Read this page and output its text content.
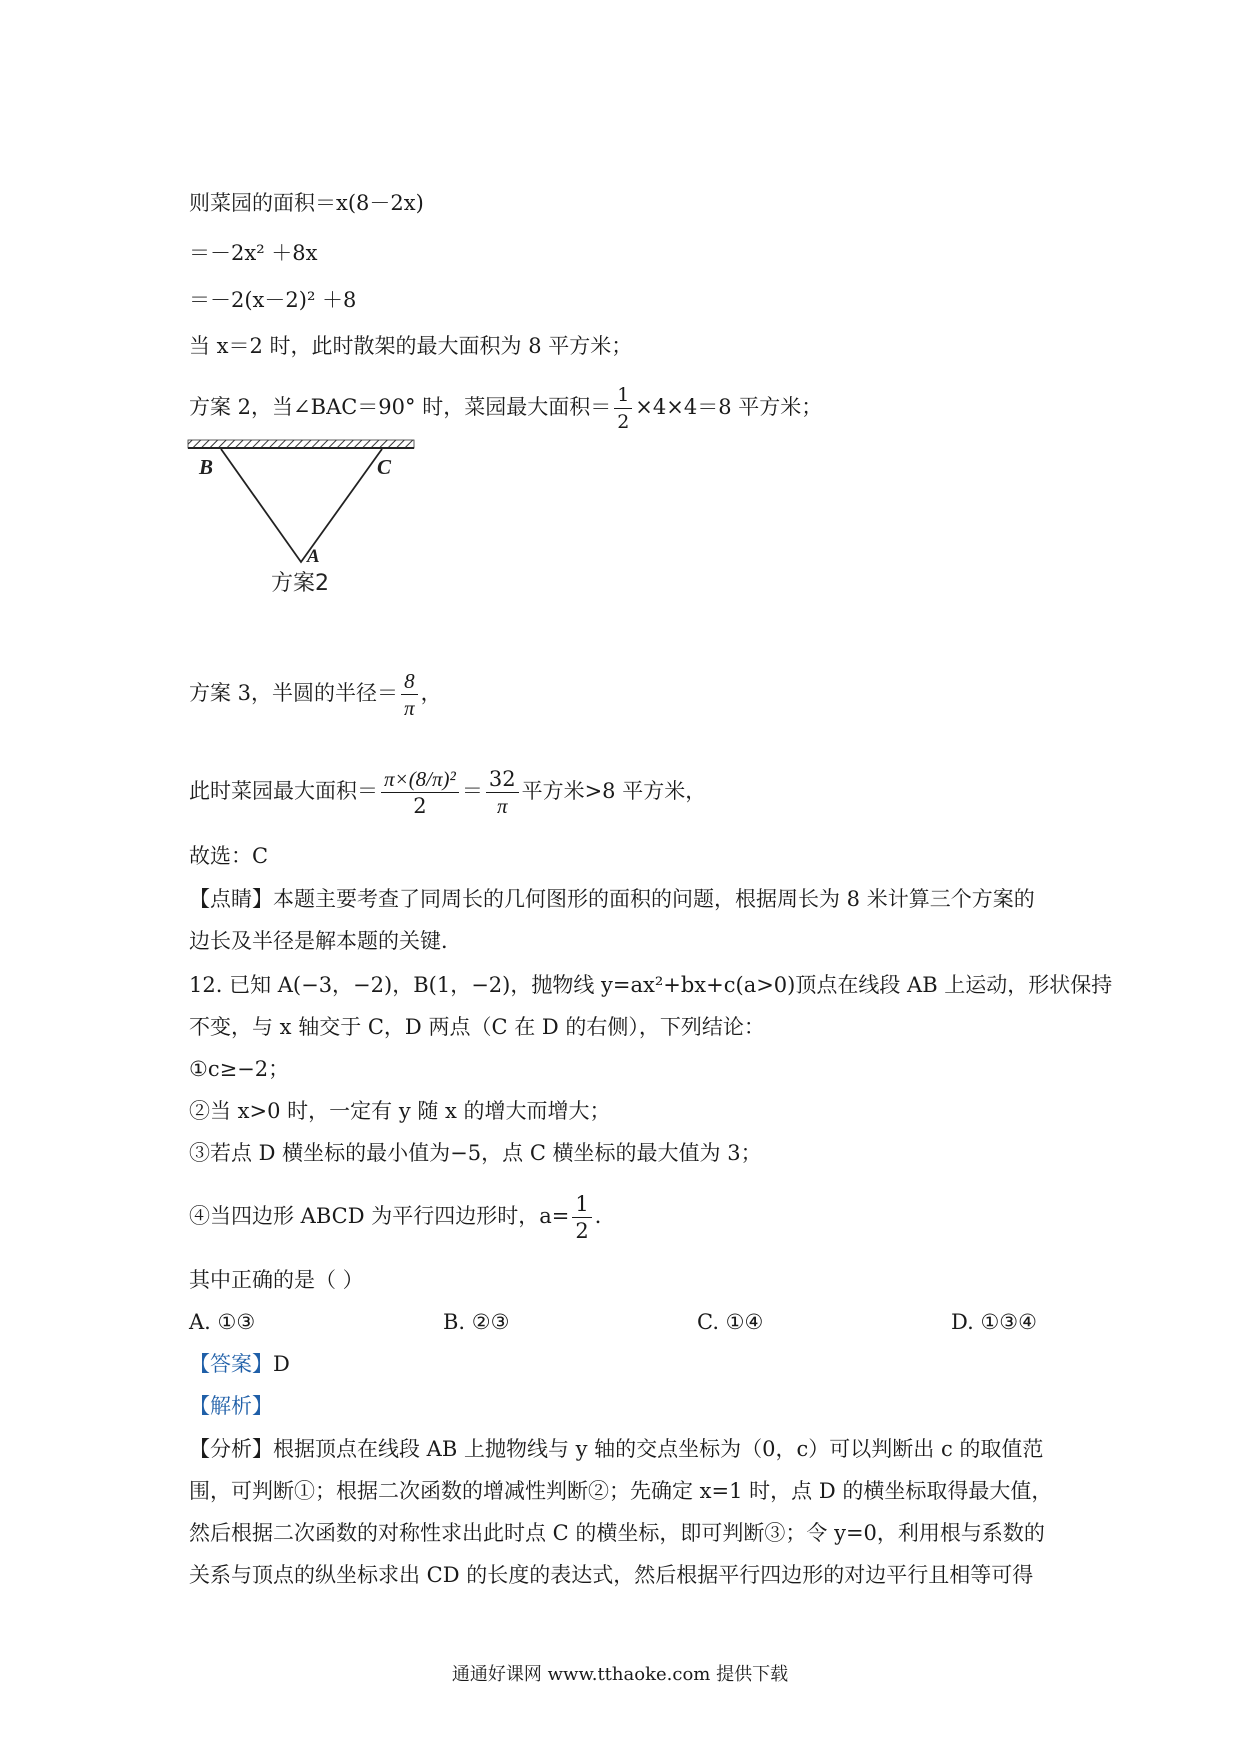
则菜园的面积＝x(8－2x)
＝－2x² ＋8x
＝－2(x－2)² ＋8
当 x＝2 时，此时散架的最大面积为 8 平方米；
方案 2，当∠BAC＝90° 时，菜园最大面积＝ $\frac{1}{2} \times 4\times 4=8$ 平方米；
B	C
A
方案2
方案 3，半圆的半径＝ $\frac{8}{\pi}$ ，
此时菜园最大面积＝ $\frac{\text{π×(8/π)²}}{2} = \frac{32}{\pi}$ 平方米>8 平方米，
故选：C
【点睛】本题主要考查了同周长的几何图形的面积的问题，根据周长为 8 米计算三个方案的
边长及半径是解本题的关键．
12. 已知 A(−3，−2)，B(1，−2)，抛物线 y=ax²+bx+c(a>0)顶点在线段 AB 上运动，形状保持
不变，与 x 轴交于 C，D 两点（C 在 D 的右侧），下列结论：
①c≥−2；
②当 x>0 时，一定有 y 随 x 的增大而增大；
③若点 D 横坐标的最小值为−5，点 C 横坐标的最大值为 3；
④当四边形 ABCD 为平行四边形时，$a= \frac{1}{2}$ ．
其中正确的是（ ）
A. ①③	B. ②③	C. ①④	D. ①③④
【答案】D
【解析】
【分析】根据顶点在线段 AB 上抛物线与 y 轴的交点坐标为（0，c）可以判断出 c 的取值范
围，可判断①；根据二次函数的增减性判断②；先确定 x=1 时，点 D 的横坐标取得最大值，
然后根据二次函数的对称性求出此时点 C 的横坐标，即可判断③；令 y=0，利用根与系数的
关系与顶点的纵坐标求出 CD 的长度的表达式，然后根据平行四边形的对边平行且相等可得
通通好课网 www.tthaoke.com 提供下载
